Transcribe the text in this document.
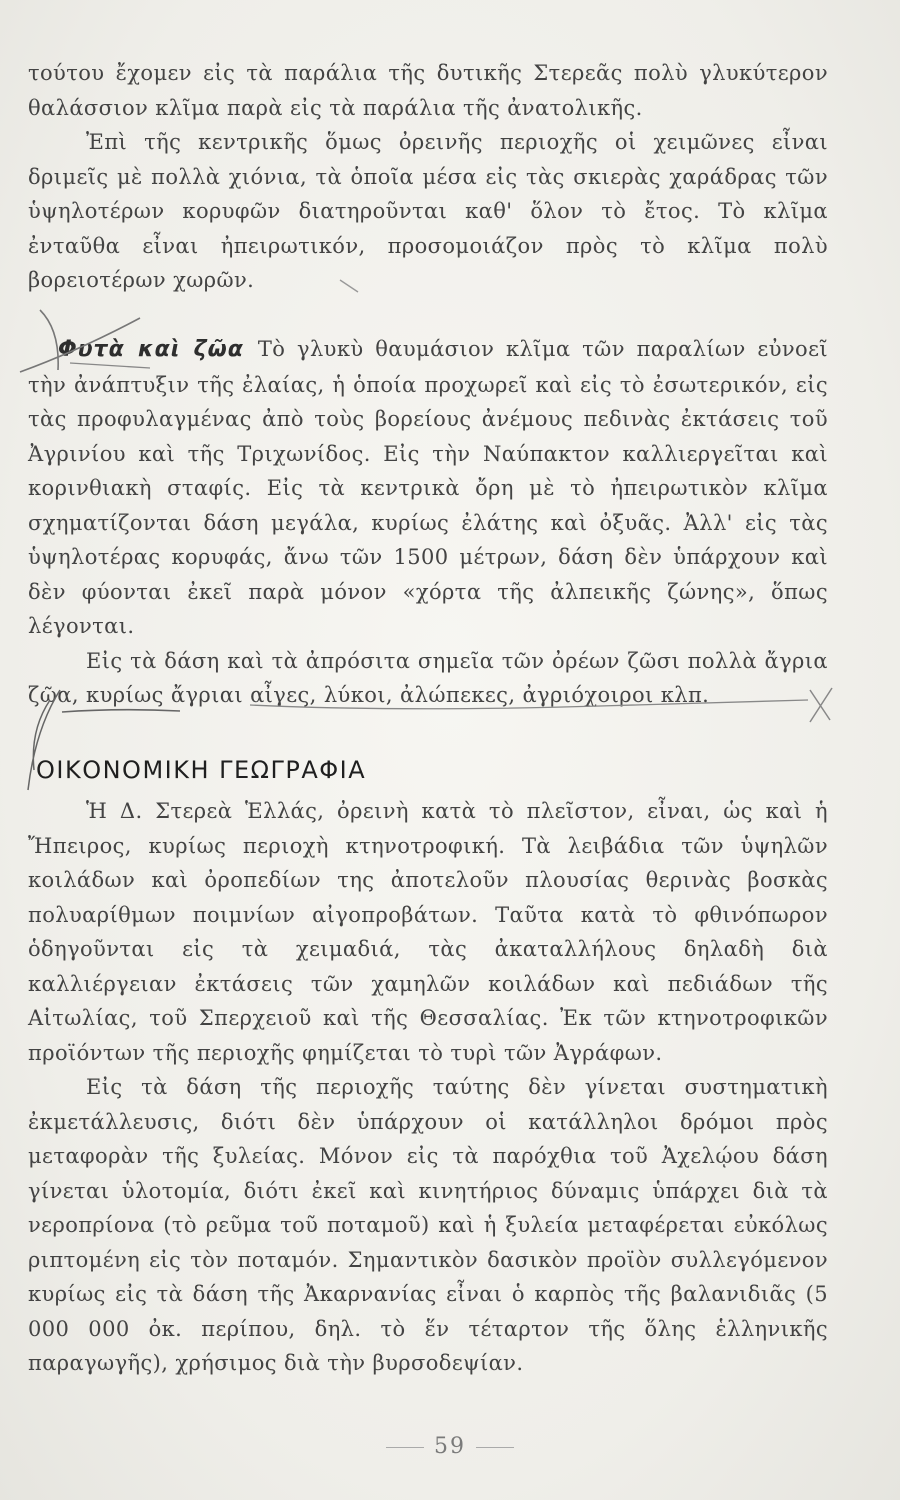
τούτου ἔχομεν εἰς τὰ παράλια τῆς δυτικῆς Στερεᾶς πολὺ γλυκύτερον θαλάσσιον κλῖμα παρὰ εἰς τὰ παράλια τῆς ἀνατολικῆς.

Ἐπὶ τῆς κεντρικῆς ὅμως ὀρεινῆς περιοχῆς οἱ χειμῶνες εἶναι δριμεῖς μὲ πολλὰ χιόνια, τὰ ὁποῖα μέσα εἰς τὰς σκιερὰς χαράδρας τῶν ὑψηλοτέρων κορυφῶν διατηροῦνται καθ' ὅλον τὸ ἔτος. Τὸ κλῖμα ἐνταῦθα εἶναι ἠπειρωτικόν, προσομοιάζον πρὸς τὸ κλῖμα πολὺ βορειοτέρων χωρῶν.

Φυτὰ καὶ ζῶα Τὸ γλυκὺ θαυμάσιον κλῖμα τῶν παραλίων εὐνοεῖ τὴν ἀνάπτυξιν τῆς ἐλαίας, ἡ ὁποία προχωρεῖ καὶ εἰς τὸ ἐσωτερικόν, εἰς τὰς προφυλαγμένας ἀπὸ τοὺς βορείους ἀνέμους πεδινὰς ἐκτάσεις τοῦ Ἀγρινίου καὶ τῆς Τριχωνίδος. Εἰς τὴν Ναύπακτον καλλιεργεῖται καὶ κορινθιακὴ σταφίς. Εἰς τὰ κεντρικὰ ὄρη μὲ τὸ ἠπειρωτικὸν κλῖμα σχηματίζονται δάση μεγάλα, κυρίως ἐλάτης καὶ ὀξυᾶς. Ἀλλ' εἰς τὰς ὑψηλοτέρας κορυφάς, ἄνω τῶν 1500 μέτρων, δάση δὲν ὑπάρχουν καὶ δὲν φύονται ἐκεῖ παρὰ μόνον «χόρτα τῆς ἀλπεικῆς ζώνης», ὅπως λέγονται.

Εἰς τὰ δάση καὶ τὰ ἀπρόσιτα σημεῖα τῶν ὀρέων ζῶσι πολλὰ ἄγρια ζῶα, κυρίως ἄγριαι αἶγες, λύκοι, ἀλώπεκες, ἀγριόχοιροι κλπ.

ΟΙΚΟΝΟΜΙΚΗ ΓΕΩΓΡΑΦΙΑ

Ἡ Δ. Στερεὰ Ἑλλάς, ὀρεινὴ κατὰ τὸ πλεῖστον, εἶναι, ὡς καὶ ἡ Ἤπειρος, κυρίως περιοχὴ κτηνοτροφική. Τὰ λειβάδια τῶν ὑψηλῶν κοιλάδων καὶ ὀροπεδίων της ἀποτελοῦν πλουσίας θερινὰς βοσκὰς πολυαρίθμων ποιμνίων αἰγοπροβάτων. Ταῦτα κατὰ τὸ φθινόπωρον ὁδηγοῦνται εἰς τὰ χειμαδιά, τὰς ἀκαταλλήλους δηλαδὴ διὰ καλλιέργειαν ἐκτάσεις τῶν χαμηλῶν κοιλάδων καὶ πεδιάδων τῆς Αἰτωλίας, τοῦ Σπερχειοῦ καὶ τῆς Θεσσαλίας. Ἐκ τῶν κτηνοτροφικῶν προϊόντων τῆς περιοχῆς φημίζεται τὸ τυρὶ τῶν Ἀγράφων.

Εἰς τὰ δάση τῆς περιοχῆς ταύτης δὲν γίνεται συστηματικὴ ἐκμετάλλευσις, διότι δὲν ὑπάρχουν οἱ κατάλληλοι δρόμοι πρὸς μεταφορὰν τῆς ξυλείας. Μόνον εἰς τὰ παρόχθια τοῦ Ἀχελῴου δάση γίνεται ὑλοτομία, διότι ἐκεῖ καὶ κινητήριος δύναμις ὑπάρχει διὰ τὰ νεροπρίονα (τὸ ρεῦμα τοῦ ποταμοῦ) καὶ ἡ ξυλεία μεταφέρεται εὐκόλως ριπτομένη εἰς τὸν ποταμόν. Σημαντικὸν δασικὸν προϊὸν συλλεγόμενον κυρίως εἰς τὰ δάση τῆς Ἀκαρνανίας εἶναι ὁ καρπὸς τῆς βαλανιδιᾶς (5 000 000 ὀκ. περίπου, δηλ. τὸ ἕν τέταρτον τῆς ὅλης ἑλληνικῆς παραγωγῆς), χρήσιμος διὰ τὴν βυρσοδεψίαν.

59
